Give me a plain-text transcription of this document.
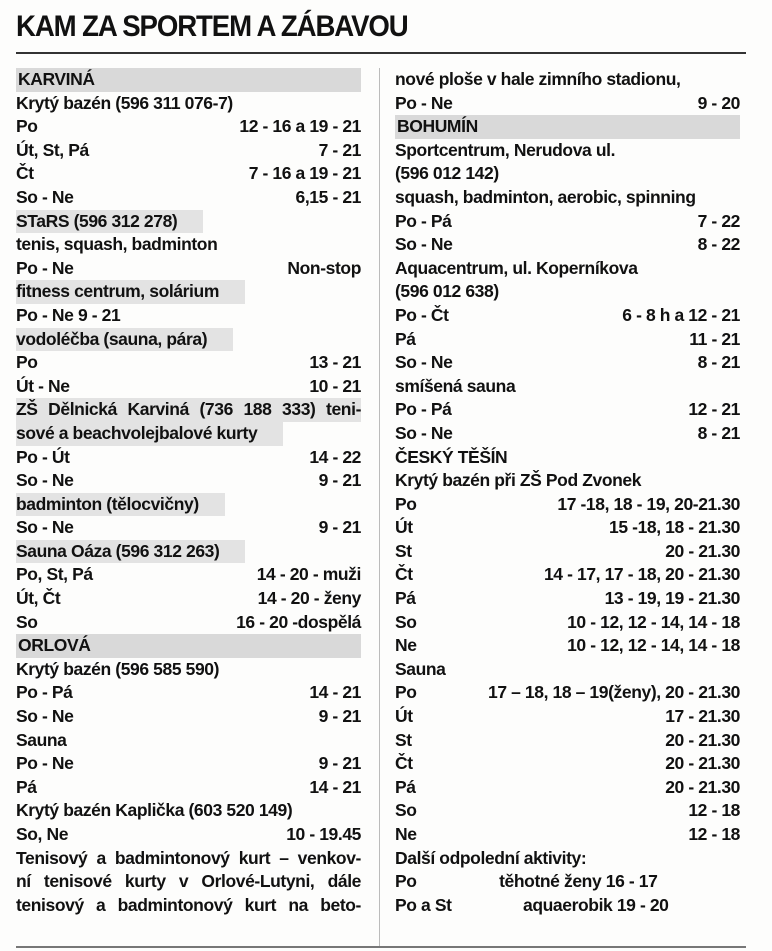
KAM ZA SPORTEM A ZÁBAVOU
KARVINÁ
Krytý bazén (596 311 076-7)
Po	12 - 16 a 19 - 21
Út, St, Pá	7 - 21
Čt	7 - 16 a 19 - 21
So - Ne	6,15 - 21
STaRS (596 312 278)
tenis, squash, badminton
Po - Ne	Non-stop
fitness centrum, solárium
Po - Ne 9 - 21
vodoléčba (sauna, pára)
Po	13 - 21
Út - Ne	10 - 21
ZŠ Dělnická Karviná (736 188 333) teni-
sové a beachvolejbalové kurty
Po - Út	14 - 22
So - Ne	9 - 21
badminton (tělocvičny)
So - Ne	9 - 21
Sauna Oáza (596 312 263)
Po, St, Pá	14 - 20 - muži
Út, Čt	14 - 20 - ženy
So	16 - 20 -dospělá
ORLOVÁ
Krytý bazén (596 585 590)
Po - Pá	14 - 21
So - Ne	9 - 21
Sauna
Po - Ne	9 - 21
Pá	14 - 21
Krytý bazén Kaplička (603 520 149)
So, Ne	10 - 19.45
Tenisový a badmintonový kurt – venkov-
ní tenisové kurty v Orlové-Lutyni, dále
tenisový a badmintonový kurt na beto-
nové ploše v hale zimního stadionu,
Po - Ne	9 - 20
BOHUMÍN
Sportcentrum, Nerudova ul.
(596 012 142)
squash, badminton, aerobic, spinning
Po - Pá	7 - 22
So - Ne	8 - 22
Aquacentrum, ul. Koperníkova
(596 012 638)
Po - Čt	6 - 8 h a 12 - 21
Pá	11 - 21
So - Ne	8 - 21
smíšená sauna
Po - Pá	12 - 21
So - Ne	8 - 21
ČESKÝ TĚŠÍN
Krytý bazén při ZŠ Pod Zvonek
Po	17 -18, 18 - 19, 20-21.30
Út	15 -18, 18 - 21.30
St	20 - 21.30
Čt	14 - 17, 17 - 18, 20 - 21.30
Pá	13 - 19, 19 - 21.30
So	10 - 12, 12 - 14, 14 - 18
Ne	10 - 12, 12 - 14, 14 - 18
Sauna
Po	17 – 18, 18 – 19(ženy), 20 - 21.30
Út	17 - 21.30
St	20 - 21.30
Čt	20 - 21.30
Pá	20 - 21.30
So	12 - 18
Ne	12 - 18
Další odpolední aktivity:
Po	těhotné ženy 16 - 17
Po a St	aquaerobik 19 - 20
